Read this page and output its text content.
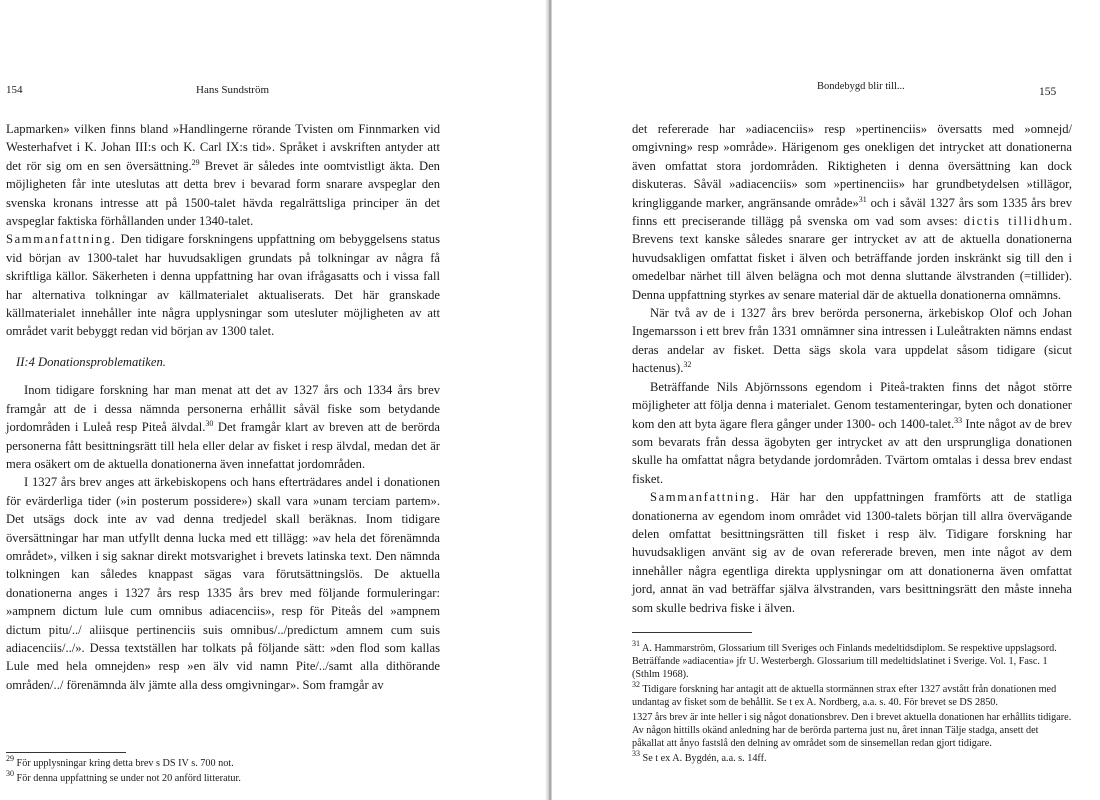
154	Hans Sundström

Lapmarken» vilken finns bland »Handlingerne rörande Tvisten om Finnmarken vid Westerhafvet i K. Johan III:s och K. Carl IX:s tid». Språket i avskriften antyder att det rör sig om en sen översättning.$^{29}$ Brevet är således inte oomtvistligt äkta. Den möjligheten får inte uteslutas att detta brev i bevarad form snarare avspeglar den svenska kronans intresse att på 1500-talet hävda regalrättsliga principer än det avspeglar faktiska förhållanden under 1340-talet.

Sammanfattning. Den tidigare forskningens uppfattning om bebyggelsens status vid början av 1300-talet har huvudsakligen grundats på tolkningar av några få skriftliga källor. Säkerheten i denna uppfattning har ovan ifrågasatts och i vissa fall har alternativa tolkningar av källmaterialet aktualiserats. Det här granskade källmaterialet innehåller inte några upplysningar som utesluter möjligheten av att området varit bebyggt redan vid början av 1300 talet.

II:4 Donationsproblematiken.

Inom tidigare forskning har man menat att det av 1327 års och 1334 års brev framgår att de i dessa nämnda personerna erhållit såväl fiske som betydande jordområden i Luleå resp Piteå älvdal.$^{30}$ Det framgår klart av breven att de berörda personerna fått besittningsrätt till hela eller delar av fisket i resp älvdal, medan det är mera osäkert om de aktuella donationerna även innefattat jordområden.

I 1327 års brev anges att ärkebiskopens och hans efterträdares andel i donationen för evärderliga tider (»in posterum possidere») skall vara »unam terciam partem». Det utsägs dock inte av vad denna tredjedel skall beräknas. Inom tidigare översättningar har man utfyllt denna lucka med ett tillägg: »av hela det förenämnda området», vilken i sig saknar direkt motsvarighet i brevets latinska text. Den nämnda tolkningen kan således knappast sägas vara förutsättningslös. De aktuella donationerna anges i 1327 års resp 1335 års brev med följande formuleringar: »ampnem dictum lule cum omnibus adiacenciis», resp för Piteås del »ampnem dictum pitu/../ aliisque pertinenciis suis omnibus/../predictum amnem cum suis adiacenciis/../». Dessa textställen har tolkats på följande sätt: »den flod som kallas Lule med hela omnejden» resp »en älv vid namn Pite/../samt alla dithörande områden/../ förenämnda älv jämte alla dess omgivningar». Som framgår av

$^{29}$ För upplysningar kring detta brev s DS IV s. 700 not.

$^{30}$ För denna uppfattning se under not 20 anförd litteratur.

Bondebygd blir till...	155

det refererade har »adiacenciis» resp »pertinenciis» översatts med »omnejd/ omgivning» resp »område». Härigenom ges onekligen det intrycket att donationerna även omfattat stora jordområden. Riktigheten i denna översättning kan dock diskuteras. Såväl »adiacenciis» som »pertinenciis» har grundbetydelsen »tillägor, kringliggande marker, angränsande område»$^{31}$ och i såväl 1327 års som 1335 års brev finns ett preciserande tillägg på svenska om vad som avses: dictis tillidhum. Brevens text kanske således snarare ger intrycket av att de aktuella donationerna huvudsakligen omfattat fisket i älven och beträffande jorden inskränkt sig till den i omedelbar närhet till älven belägna och mot denna sluttande älvstranden (=tillider). Denna uppfattning styrkes av senare material där de aktuella donationerna omnämns.

När två av de i 1327 års brev berörda personerna, ärkebiskop Olof och Johan Ingemarsson i ett brev från 1331 omnämner sina intressen i Luleåtrakten nämns endast deras andelar av fisket. Detta sägs skola vara uppdelat såsom tidigare (sicut hactenus).$^{32}$

Beträffande Nils Abjörnssons egendom i Piteå-trakten finns det något större möjligheter att följa denna i materialet. Genom testamenteringar, byten och donationer kom den att byta ägare flera gånger under 1300- och 1400-talet.$^{33}$ Inte något av de brev som bevarats från dessa ägobyten ger intrycket av att den ursprungliga donationen skulle ha omfattat några betydande jordområden. Tvärtom omtalas i dessa brev endast fisket.

Sammanfattning. Här har den uppfattningen framförts att de statliga donationerna av egendom inom området vid 1300-talets början till allra övervägande delen omfattat besittningsrätten till fisket i resp älv. Tidigare forskning har huvudsakligen använt sig av de ovan refererade breven, men inte något av dem innehåller några egentliga direkta upplysningar om att donationerna även omfattat jord, annat än vad beträffar själva älvstranden, vars besittningsrätt den måste inneha som skulle bedriva fiske i älven.

$^{31}$ A. Hammarström, Glossarium till Sveriges och Finlands medeltidsdiplom. Se respektive uppslagsord. Beträffande »adiacentia» jfr U. Westerbergh. Glossarium till medeltidslatinet i Sverige. Vol. 1, Fasc. 1 (Sthlm 1968).

$^{32}$ Tidigare forskning har antagit att de aktuella stormännen strax efter 1327 avstått från donationen med undantag av fisket som de behållit. Se t ex A. Nordberg, a.a. s. 40. För brevet se DS 2850.

1327 års brev är inte heller i sig något donationsbrev. Den i brevet aktuella donationen har erhållits tidigare. Av någon hittills okänd anledning har de berörda parterna just nu, året innan Tälje stadga, ansett det påkallat att ånyo fastslå den delning av området som de sinsemellan redan gjort tidigare.

$^{33}$ Se t ex A. Bygdén, a.a. s. 14ff.
